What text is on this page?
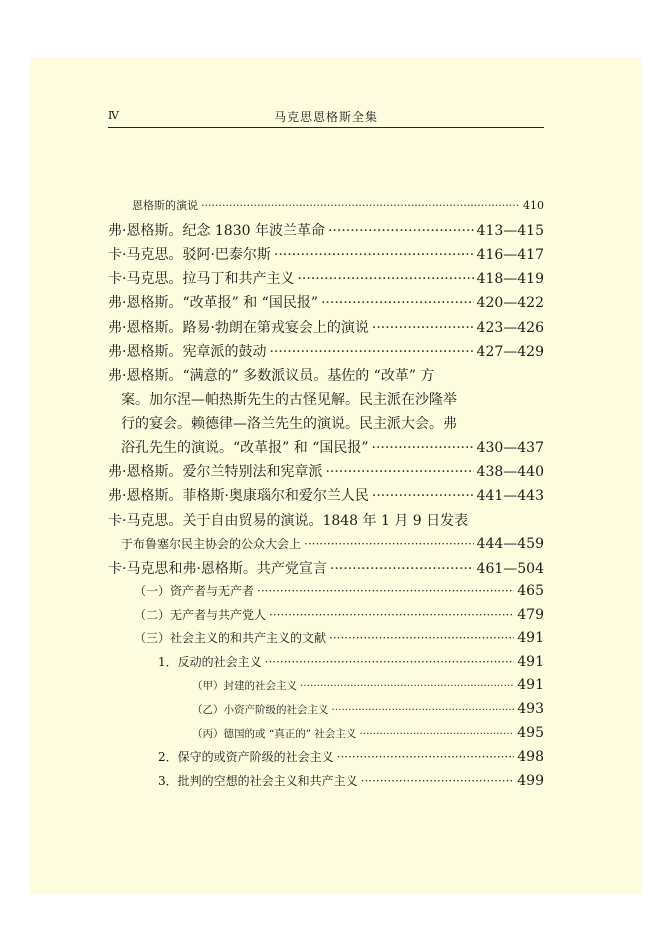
Ⅳ	马克思恩格斯全集
恩格斯的演说 ·····	410
弗·恩格斯。纪念 1830 年波兰革命 ·····	413—415
卡·马克思。驳阿·巴泰尔斯 ·····	416—417
卡·马克思。拉马丁和共产主义 ·····	418—419
弗·恩格斯。“改革报” 和 “国民报” ·····	420—422
弗·恩格斯。路易·勃朗在第戎宴会上的演说 ·····	423—426
弗·恩格斯。宪章派的鼓动 ·····	427—429
弗·恩格斯。“满意的” 多数派议员。基佐的 “改革” 方
案。加尔涅—帕热斯先生的古怪见解。民主派在沙隆举
行的宴会。赖德律—洛兰先生的演说。民主派大会。弗
浴孔先生的演说。“改革报” 和 “国民报” ·····	430—437
弗·恩格斯。爱尔兰特别法和宪章派 ·····	438—440
弗·恩格斯。菲格斯·奥康瑙尔和爱尔兰人民 ·····	441—443
卡·马克思。关于自由贸易的演说。1848 年 1 月 9 日发表
于布鲁塞尔民主协会的公众大会上 ·····	444—459
卡·马克思和弗·恩格斯。共产党宣言 ·····	461—504
（一）资产者与无产者 ·····	465
（二）无产者与共产党人 ·····	479
（三）社会主义的和共产主义的文献 ·····	491
1．反动的社会主义 ·····	491
（甲）封建的社会主义 ·····	491
（乙）小资产阶级的社会主义 ·····	493
（丙）德国的或 “真正的” 社会主义 ·····	495
2．保守的或资产阶级的社会主义 ·····	498
3．批判的空想的社会主义和共产主义 ·····	499
